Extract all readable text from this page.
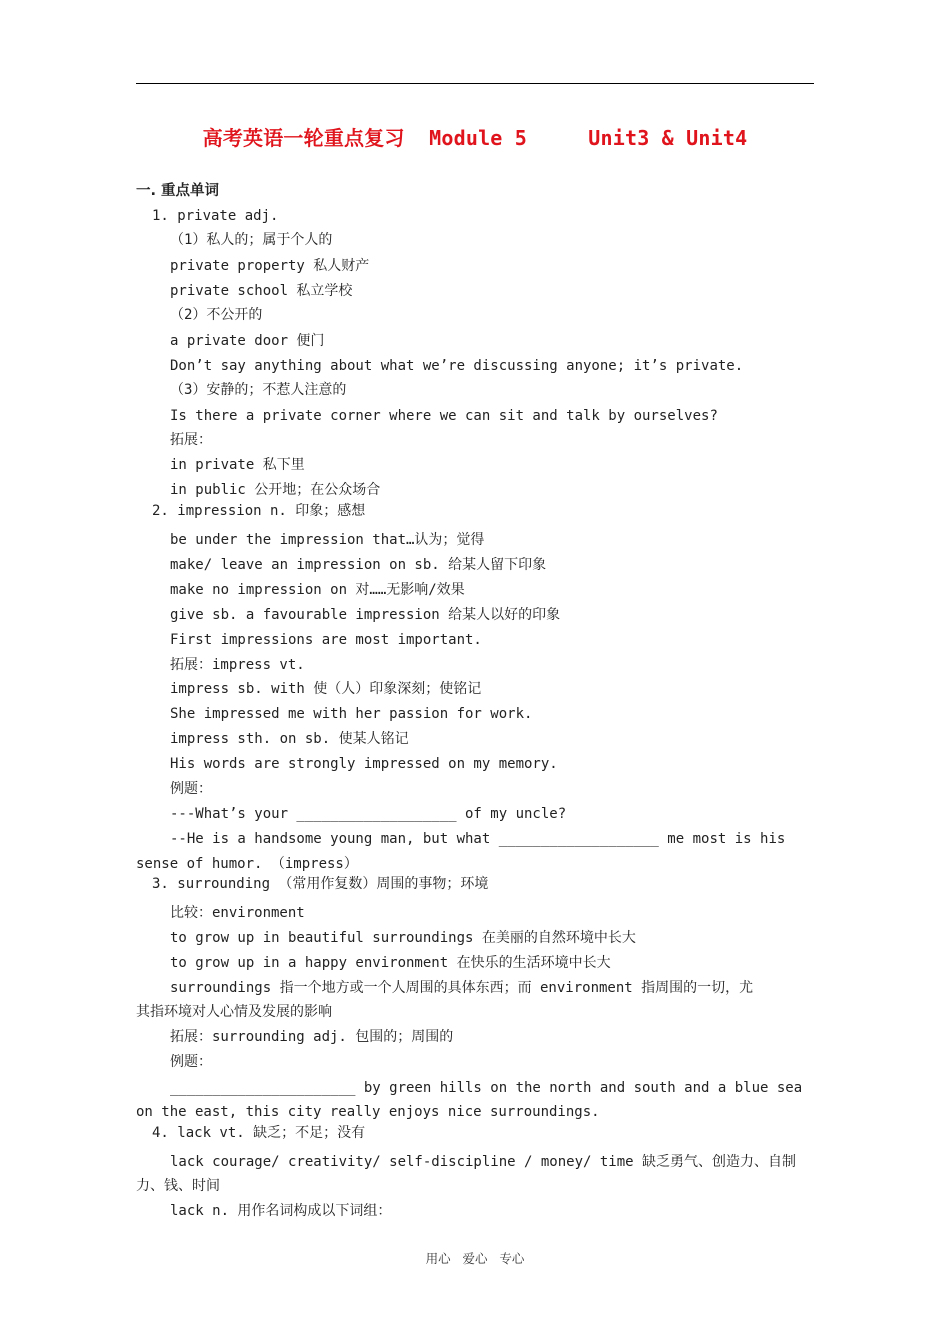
高考英语一轮重点复习  Module 5     Unit3 & Unit4
一. 重点单词
1. private adj.
（1）私人的；属于个人的
private property 私人财产
private school 私立学校
（2）不公开的
a private door 便门
Don’t say anything about what we’re discussing anyone; it’s private.
（3）安静的；不惹人注意的
Is there a private corner where we can sit and talk by ourselves?
拓展：
in private 私下里
in public 公开地；在公众场合
2. impression n. 印象；感想
be under the impression that…认为；觉得
make/ leave an impression on sb. 给某人留下印象
make no impression on 对……无影响/效果
give sb. a favourable impression 给某人以好的印象
First impressions are most important.
拓展：impress vt.
impress sb. with 使（人）印象深刻；使铭记
She impressed me with her passion for work.
impress sth. on sb. 使某人铭记
His words are strongly impressed on my memory.
例题：
---What’s your ___________________ of my uncle?
--He is a handsome young man, but what ___________________ me most is his
sense of humor. （impress）
3. surrounding （常用作复数）周围的事物；环境
比较：environment
to grow up in beautiful surroundings 在美丽的自然环境中长大
to grow up in a happy environment 在快乐的生活环境中长大
surroundings 指一个地方或一个人周围的具体东西；而 environment 指周围的一切，尤
其指环境对人心情及发展的影响
拓展：surrounding adj. 包围的；周围的
例题：
______________________ by green hills on the north and south and a blue sea
on the east, this city really enjoys nice surroundings.
4. lack vt. 缺乏；不足；没有
lack courage/ creativity/ self-discipline / money/ time 缺乏勇气、创造力、自制
力、钱、时间
lack n. 用作名词构成以下词组：
用心   爱心   专心
